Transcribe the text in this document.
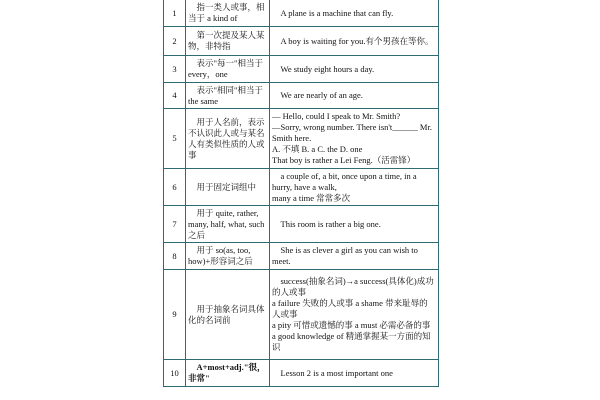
1	指一类人或事，相当于 a kind of	A plane is a machine that can fly.

2	第一次提及某人某物，非特指	A boy is waiting for you.有个男孩在等你。

3	表示"每一"相当于 every，one	We study eight hours a day.

4	表示"相同"相当于 the same	We are nearly of an age.

5	用于人名前，表示不认识此人或与某名人有类似性质的人或事	— Hello, could I speak to Mr. Smith?
—Sorry, wrong number. There isn't______ Mr. Smith here.
A. 不填 B. a C. the D. one
That boy is rather a Lei Feng.（活雷锋）

6	用于固定词组中	a couple of, a bit, once upon a time, in a hurry, have a walk,
many a time 常常多次

7	用于 quite, rather, many, half, what, such之后	This room is rather a big one.

8	用于 so(as, too, how)+形容词之后	She is as clever a girl as you can wish to meet.

9	用于抽象名词具体化的名词前	success(抽象名词)→a success(具体化)成功的人或事
a failure 失败的人或事 a shame 带来耻辱的人或事
a pity 可惜或遗憾的事 a must 必需必备的事
a good knowledge of 精通掌握某一方面的知识

10	A+most+adj."很，非常"	Lesson 2 is a most important one
